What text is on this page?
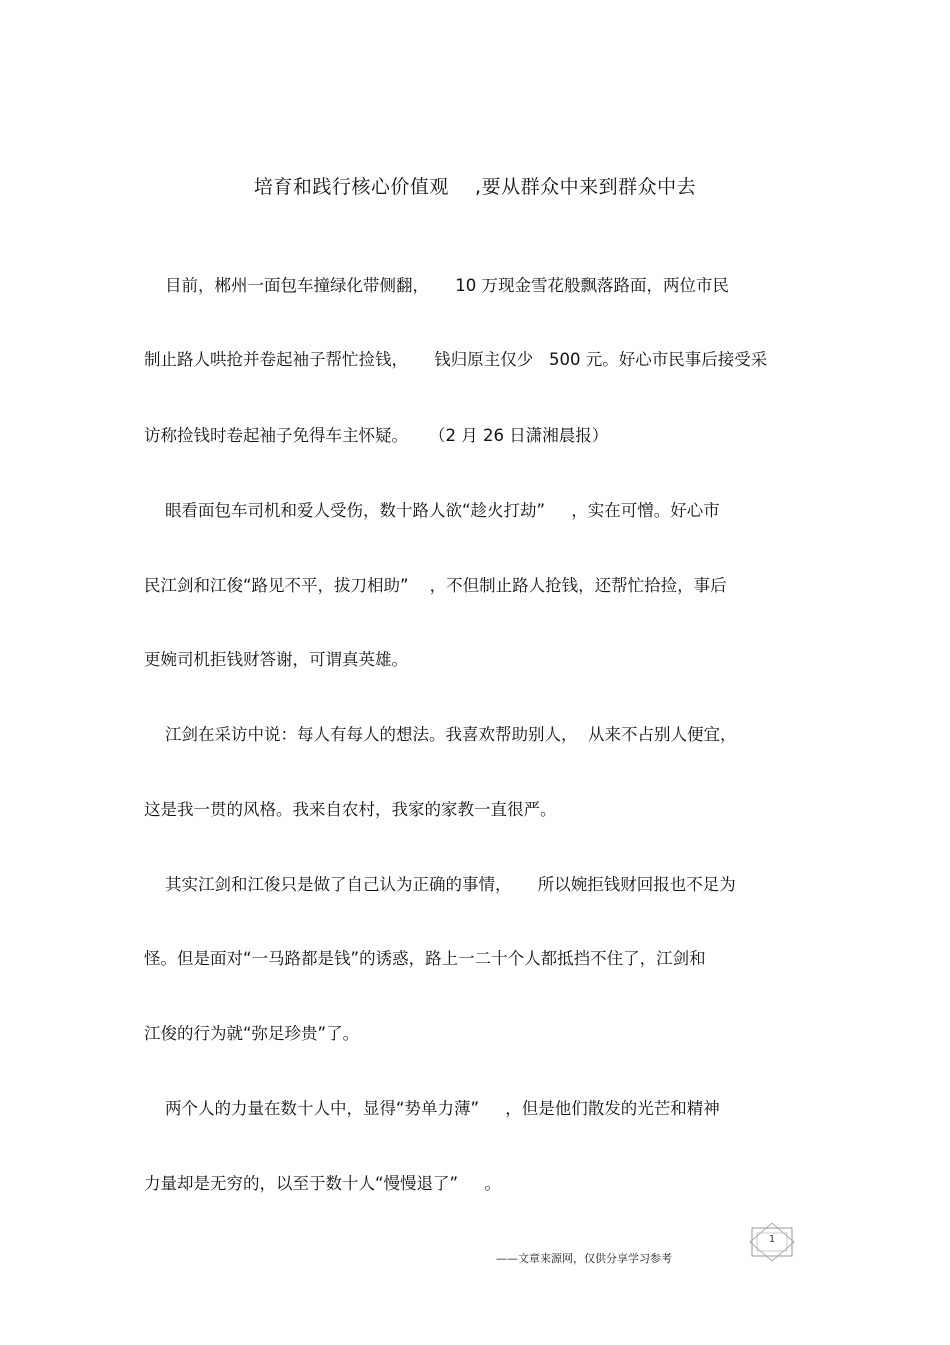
培育和践行核心价值观    ,要从群众中来到群众中去
目前，郴州一面包车撞绿化带侧翻，     10 万现金雪花般飘落路面，两位市民
制止路人哄抢并卷起袖子帮忙捡钱，     钱归原主仅少   500 元。好心市民事后接受采
访称捡钱时卷起袖子免得车主怀疑。    （2 月 26 日潇湘晨报）
眼看面包车司机和爱人受伤，数十路人欲“趁火打劫”     ，实在可憎。好心市
民江剑和江俊“路见不平，拔刀相助”    ，不但制止路人抢钱，还帮忙拾捡，事后
更婉司机拒钱财答谢，可谓真英雄。
江剑在采访中说：每人有每人的想法。我喜欢帮助别人，  从来不占别人便宜，
这是我一贯的风格。我来自农村，我家的家教一直很严。
其实江剑和江俊只是做了自己认为正确的事情，     所以婉拒钱财回报也不足为
怪。但是面对“一马路都是钱”的诱惑，路上一二十个人都抵挡不住了，江剑和
江俊的行为就“弥足珍贵”了。
两个人的力量在数十人中，显得“势单力薄”     ，但是他们散发的光芒和精神
力量却是无穷的，以至于数十人“慢慢退了”     。
——文章来源网，仅供分享学习参考
1
